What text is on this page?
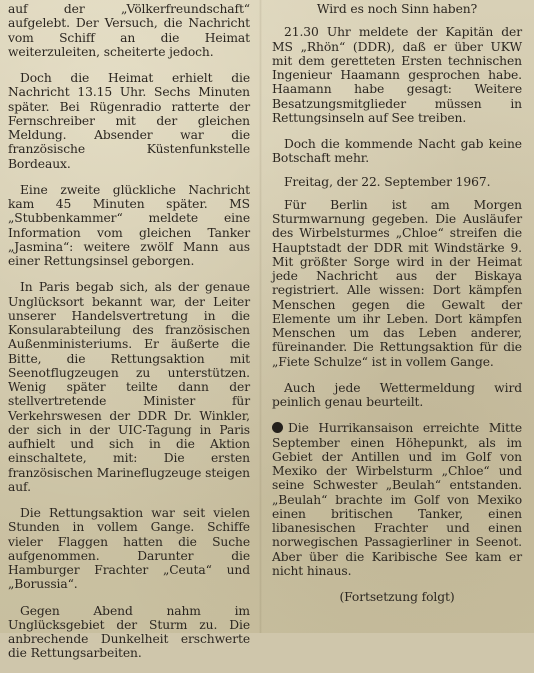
auf der „Völkerfreundschaft“ aufgelebt. Der Versuch, die Nachricht vom Schiff an die Heimat weiterzuleiten, scheiterte jedoch.

Doch die Heimat erhielt die Nachricht 13.15 Uhr. Sechs Minuten später. Bei Rügenradio ratterte der Fernschreiber mit der gleichen Meldung. Absender war die französische Küstenfunkstelle Bordeaux.

Eine zweite glückliche Nachricht kam 45 Minuten später. MS „Stubbenkammer“ meldete eine Information vom gleichen Tanker „Jasmina“: weitere zwölf Mann aus einer Rettungsinsel geborgen.

In Paris begab sich, als der genaue Unglücksort bekannt war, der Leiter unserer Handelsvertretung in die Konsularabteilung des französischen Außenministeriums. Er äußerte die Bitte, die Rettungsaktion mit Seenotflugzeugen zu unterstützen. Wenig später teilte dann der stellvertretende Minister für Verkehrswesen der DDR Dr. Winkler, der sich in der UIC-Tagung in Paris aufhielt und sich in die Aktion einschaltete, mit: Die ersten französischen Marineflugzeuge steigen auf.

Die Rettungsaktion war seit vielen Stunden in vollem Gange. Schiffe vieler Flaggen hatten die Suche aufgenommen. Darunter die Hamburger Frachter „Ceuta“ und „Borussia“.

Gegen Abend nahm im Unglücksgebiet der Sturm zu. Die anbrechende Dunkelheit erschwerte die Rettungsarbeiten.

Wird es noch Sinn haben?

21.30 Uhr meldete der Kapitän der MS „Rhön“ (DDR), daß er über UKW mit dem geretteten Ersten technischen Ingenieur Haamann gesprochen habe. Haamann habe gesagt: Weitere Besatzungsmitglieder müssen in Rettungsinseln auf See treiben.

Doch die kommende Nacht gab keine Botschaft mehr.

Freitag, der 22. September 1967.

Für Berlin ist am Morgen Sturmwarnung gegeben. Die Ausläufer des Wirbelsturmes „Chloe“ streifen die Hauptstadt der DDR mit Windstärke 9. Mit größter Sorge wird in der Heimat jede Nachricht aus der Biskaya registriert. Alle wissen: Dort kämpfen Menschen gegen die Gewalt der Elemente um ihr Leben. Dort kämpfen Menschen um das Leben anderer, füreinander. Die Rettungsaktion für die „Fiete Schulze“ ist in vollem Gange.

Auch jede Wettermeldung wird peinlich genau beurteilt.

Die Hurrikansaison erreichte Mitte September einen Höhepunkt, als im Gebiet der Antillen und im Golf von Mexiko der Wirbelsturm „Chloe“ und seine Schwester „Beulah“ entstanden. „Beulah“ brachte im Golf von Mexiko einen britischen Tanker, einen libanesischen Frachter und einen norwegischen Passagierliner in Seenot. Aber über die Karibische See kam er nicht hinaus.

(Fortsetzung folgt)
